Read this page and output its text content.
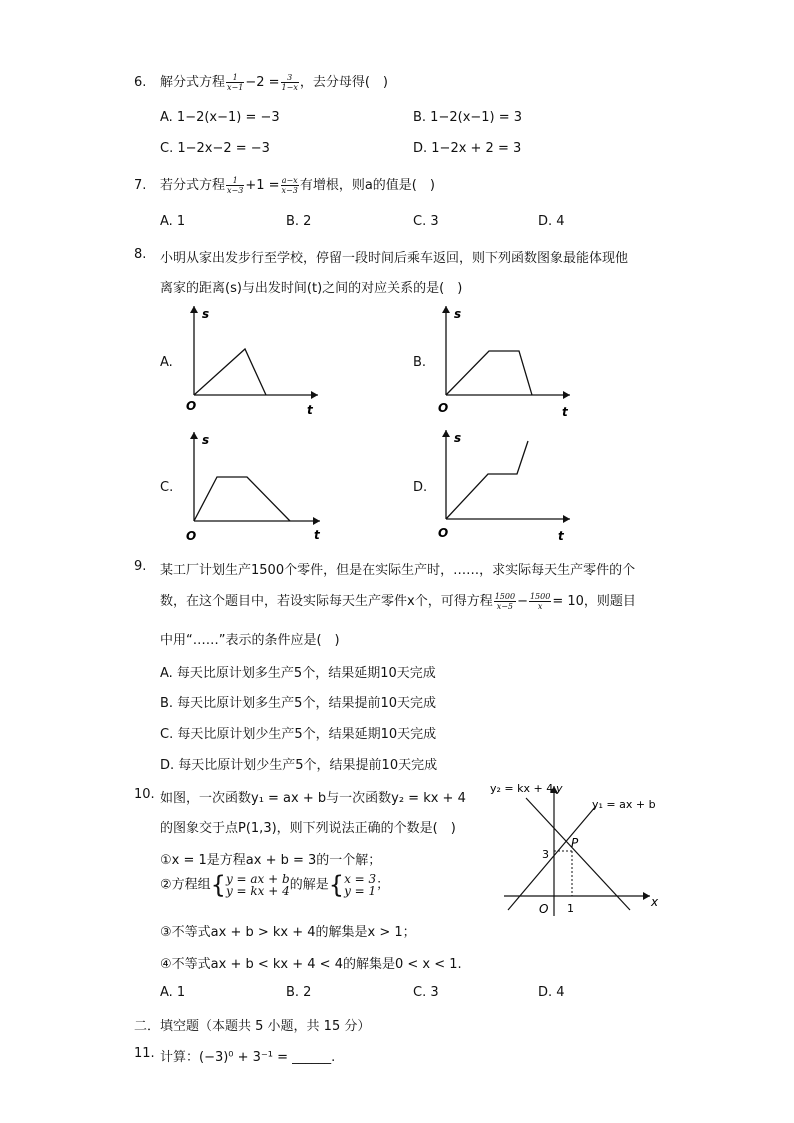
6. 解分式方程 $\frac{1}{x-1} -2 = \frac{3}{1-x}$ ，去分母得(　)
A. 1−2(x−1) = −3	B. 1−2(x−1) = 3
C. 1−2x−2 = −3	D. 1−2x + 2 = 3
7. 若分式方程 $\frac{1}{x-3} +1 = \frac{a-x}{x-3}$ 有增根，则a的值是(　)
A. 1	B. 2	C. 3	D. 4
8. 小明从家出发步行至学校，停留一段时间后乘车返回，则下列函数图象最能体现他
离家的距离(s)与出发时间(t)之间的对应关系的是(　)
A.
s
t
O
B.
s
t
O
C.
s
t
O
D.
s
t
O
9. 某工厂计划生产1500个零件，但是在实际生产时，……，求实际每天生产零件的个
数，在这个题目中，若设实际每天生产零件x个，可得方程 $\frac{1500}{x-5} - \frac{1500}{x} = 10$，则题目
中用“……”表示的条件应是(　)
A. 每天比原计划多生产5个，结果延期10天完成
B. 每天比原计划多生产5个，结果提前10天完成
C. 每天比原计划少生产5个，结果延期10天完成
D. 每天比原计划少生产5个，结果提前10天完成
10. 如图，一次函数y₁ = ax + b与一次函数y₂ = kx + 4
的图象交于点P(1,3)，则下列说法正确的个数是(　)
①x = 1是方程ax + b = 3的一个解；
②方程组{ y = ax + b
y = kx + 4 的解是{ x = 3
y = 1 ；
③不等式ax + b > kx + 4的解集是x > 1；
④不等式ax + b < kx + 4 < 4的解集是0 < x < 1.
A. 1	B. 2	C. 3	D. 4
y₂ = kx + 4 y
y₁ = ax + b
P
3
O 1	x
二．填空题（本题共 5 小题，共 15 分）
11. 计算：(−3)⁰ + 3⁻¹ = ______.
